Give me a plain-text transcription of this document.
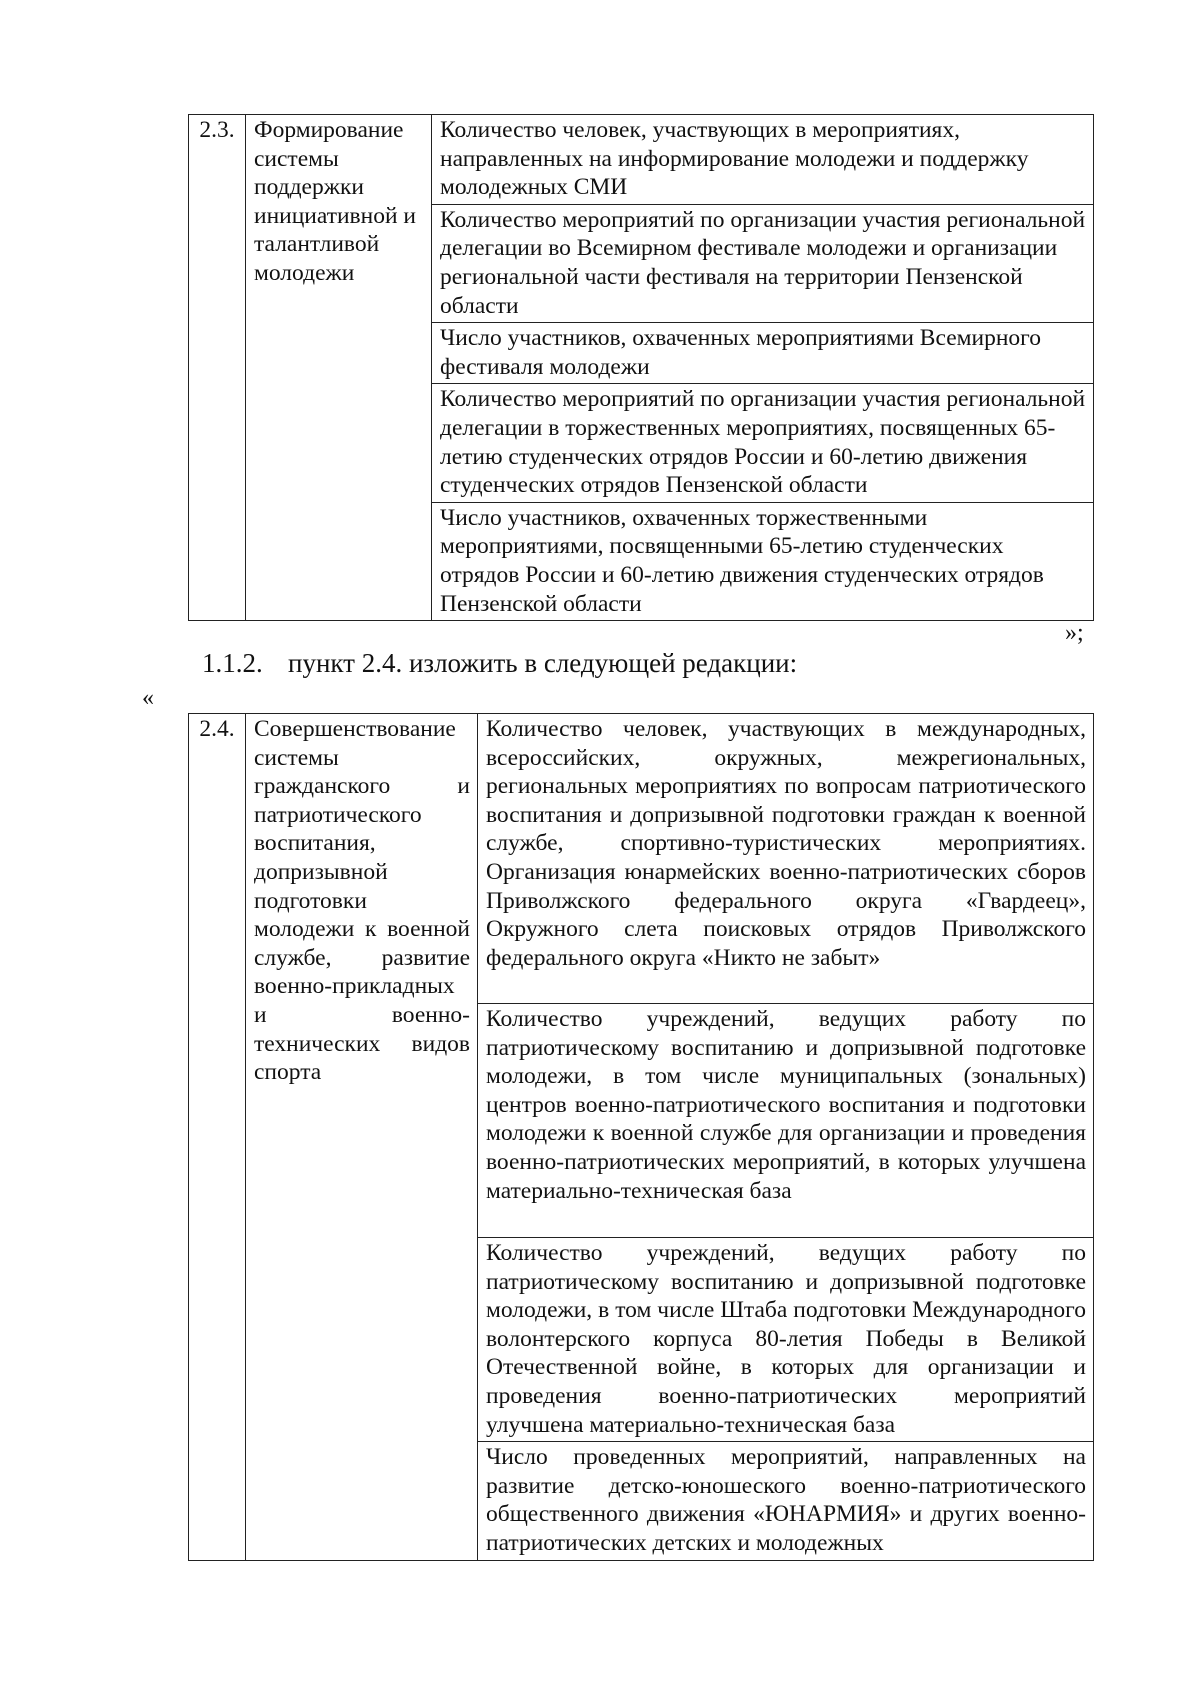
2.3.	Формирование системы поддержки инициативной и талантливой молодежи	Количество человек, участвующих в мероприятиях, направленных на информирование молодежи и поддержку молодежных СМИ
Количество мероприятий по организации участия региональной делегации во Всемирном фестивале молодежи и организации региональной части фестиваля на территории Пензенской области
Число участников, охваченных мероприятиями Всемирного фестиваля молодежи
Количество мероприятий по организации участия региональной делегации в торжественных мероприятиях, посвященных 65-летию студенческих отрядов России и 60-летию движения студенческих отрядов Пензенской области
Число участников, охваченных торжественными мероприятиями, посвященными 65-летию студенческих отрядов России и 60-летию движения студенческих отрядов Пензенской области
»;
1.1.2. пункт 2.4. изложить в следующей редакции:
«
2.4.	Совершенствование системы гражданского и патриотического воспитания, допризывной подготовки молодежи к военной службе, развитие военно-прикладных и военно-технических видов спорта	Количество человек, участвующих в международных, всероссийских, окружных, межрегиональных, региональных мероприятиях по вопросам патриотического воспитания и допризывной подготовки граждан к военной службе, спортивно-туристических мероприятиях. Организация юнармейских военно-патриотических сборов Приволжского федерального округа «Гвардеец», Окружного слета поисковых отрядов Приволжского федерального округа «Никто не забыт»
Количество учреждений, ведущих работу по патриотическому воспитанию и допризывной подготовке молодежи, в том числе муниципальных (зональных) центров военно-патриотического воспитания и подготовки молодежи к военной службе для организации и проведения военно-патриотических мероприятий, в которых улучшена материально-техническая база
Количество учреждений, ведущих работу по патриотическому воспитанию и допризывной подготовке молодежи, в том числе Штаба подготовки Международного волонтерского корпуса 80-летия Победы в Великой Отечественной войне, в которых для организации и проведения военно-патриотических мероприятий улучшена материально-техническая база
Число проведенных мероприятий, направленных на развитие детско-юношеского военно-патриотического общественного движения «ЮНАРМИЯ» и других военно-патриотических детских и молодежных
